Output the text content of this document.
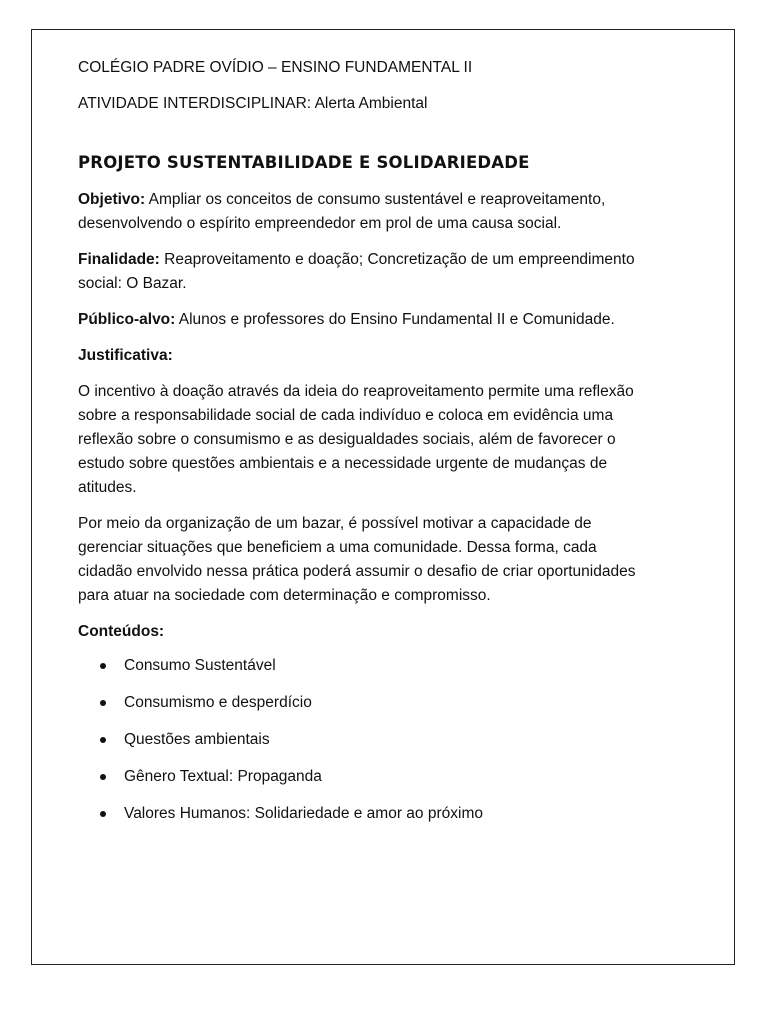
COLÉGIO PADRE OVÍDIO – ENSINO FUNDAMENTAL II

ATIVIDADE INTERDISCIPLINAR: Alerta Ambiental

PROJETO SUSTENTABILIDADE E SOLIDARIEDADE

Objetivo: Ampliar os conceitos de consumo sustentável e reaproveitamento, desenvolvendo o espírito empreendedor em prol de uma causa social.

Finalidade: Reaproveitamento e doação; Concretização de um empreendimento social: O Bazar.

Público-alvo: Alunos e professores do Ensino Fundamental II e Comunidade.

Justificativa:

O incentivo à doação através da ideia do reaproveitamento permite uma reflexão sobre a responsabilidade social de cada indivíduo e coloca em evidência uma reflexão sobre o consumismo e as desigualdades sociais, além de favorecer o estudo sobre questões ambientais e a necessidade urgente de mudanças de atitudes.

Por meio da organização de um bazar, é possível motivar a capacidade de gerenciar situações que beneficiem a uma comunidade. Dessa forma, cada cidadão envolvido nessa prática poderá assumir o desafio de criar oportunidades para atuar na sociedade com determinação e compromisso.

Conteúdos:

Consumo Sustentável
Consumismo e desperdício
Questões ambientais
Gênero Textual: Propaganda
Valores Humanos: Solidariedade e amor ao próximo
